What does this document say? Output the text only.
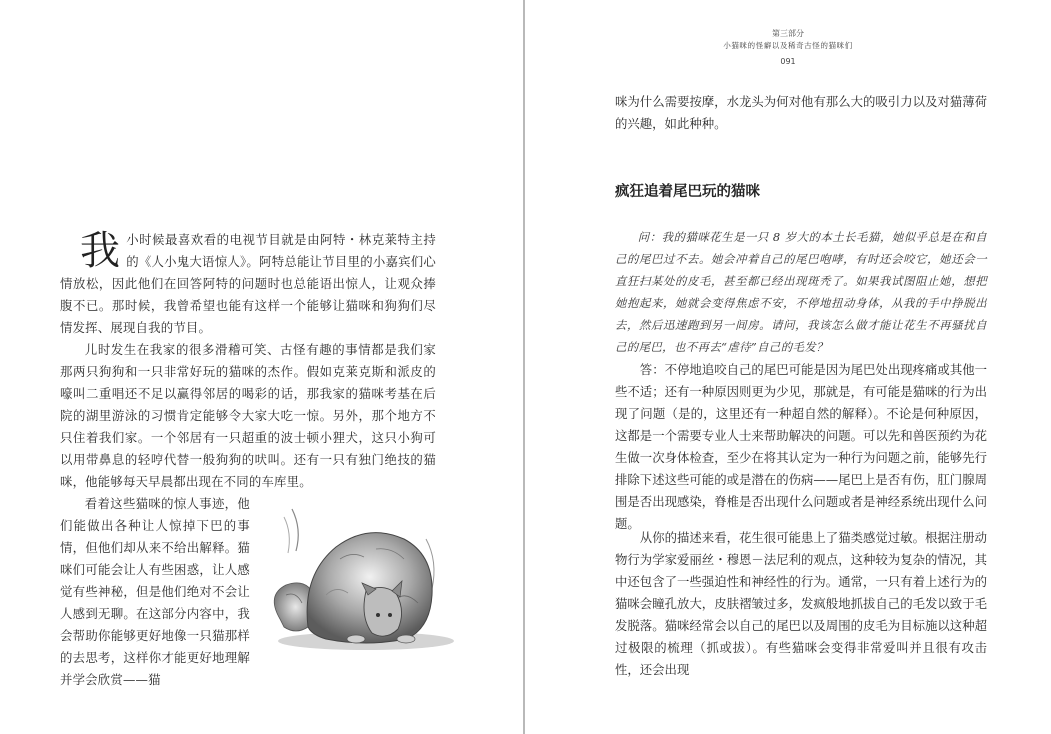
我小时候最喜欢看的电视节目就是由阿特・林克莱特主持的《人小鬼大语惊人》。阿特总能让节目里的小嘉宾们心情放松，因此他们在回答阿特的问题时也总能语出惊人，让观众捧腹不已。那时候，我曾希望也能有这样一个能够让猫咪和狗狗们尽情发挥、展现自我的节目。

儿时发生在我家的很多滑稽可笑、古怪有趣的事情都是我们家那两只狗狗和一只非常好玩的猫咪的杰作。假如克莱克斯和派皮的嚎叫二重唱还不足以赢得邻居的喝彩的话，那我家的猫咪考基在后院的湖里游泳的习惯肯定能够令大家大吃一惊。另外，那个地方不只住着我们家。一个邻居有一只超重的波士顿小狸犬，这只小狗可以用带鼻息的轻哼代替一般狗狗的吠叫。还有一只有独门绝技的猫咪，他能够每天早晨都出现在不同的车库里。

看着这些猫咪的惊人事迹，他们能做出各种让人惊掉下巴的事情，但他们却从来不给出解释。猫咪们可能会让人有些困惑，让人感觉有些神秘，但是他们绝对不会让人感到无聊。在这部分内容中，我会帮助你能够更好地像一只猫那样的去思考，这样你才能更好地理解并学会欣赏——猫

第三部分
小猫咪的怪癖以及稀奇古怪的猫咪们
091

咪为什么需要按摩，水龙头为何对他有那么大的吸引力以及对猫薄荷的兴趣，如此种种。

疯狂追着尾巴玩的猫咪

问：我的猫咪花生是一只 8 岁大的本土长毛猫，她似乎总是在和自己的尾巴过不去。她会冲着自己的尾巴咆哮，有时还会咬它，她还会一直狂扫某处的皮毛，甚至都已经出现斑秃了。如果我试图阻止她，想把她抱起来，她就会变得焦虑不安，不停地扭动身体，从我的手中挣脱出去，然后迅速跑到另一间房。请问，我该怎么做才能让花生不再骚扰自己的尾巴，也不再去“虐待”自己的毛发？

答：不停地追咬自己的尾巴可能是因为尾巴处出现疼痛或其他一些不适；还有一种原因则更为少见，那就是，有可能是猫咪的行为出现了问题（是的，这里还有一种超自然的解释）。不论是何种原因，这都是一个需要专业人士来帮助解决的问题。可以先和兽医预约为花生做一次身体检查，至少在将其认定为一种行为问题之前，能够先行排除下述这些可能的或是潜在的伤病——尾巴上是否有伤，肛门腺周围是否出现感染，脊椎是否出现什么问题或者是神经系统出现什么问题。

从你的描述来看，花生很可能患上了猫类感觉过敏。根据注册动物行为学家爱丽丝・穆恩－法尼利的观点，这种较为复杂的情况，其中还包含了一些强迫性和神经性的行为。通常，一只有着上述行为的猫咪会瞳孔放大，皮肤褶皱过多，发疯般地抓拔自己的毛发以致于毛发脱落。猫咪经常会以自己的尾巴以及周围的皮毛为目标施以这种超过极限的梳理（抓或拔）。有些猫咪会变得非常爱叫并且很有攻击性，还会出现
